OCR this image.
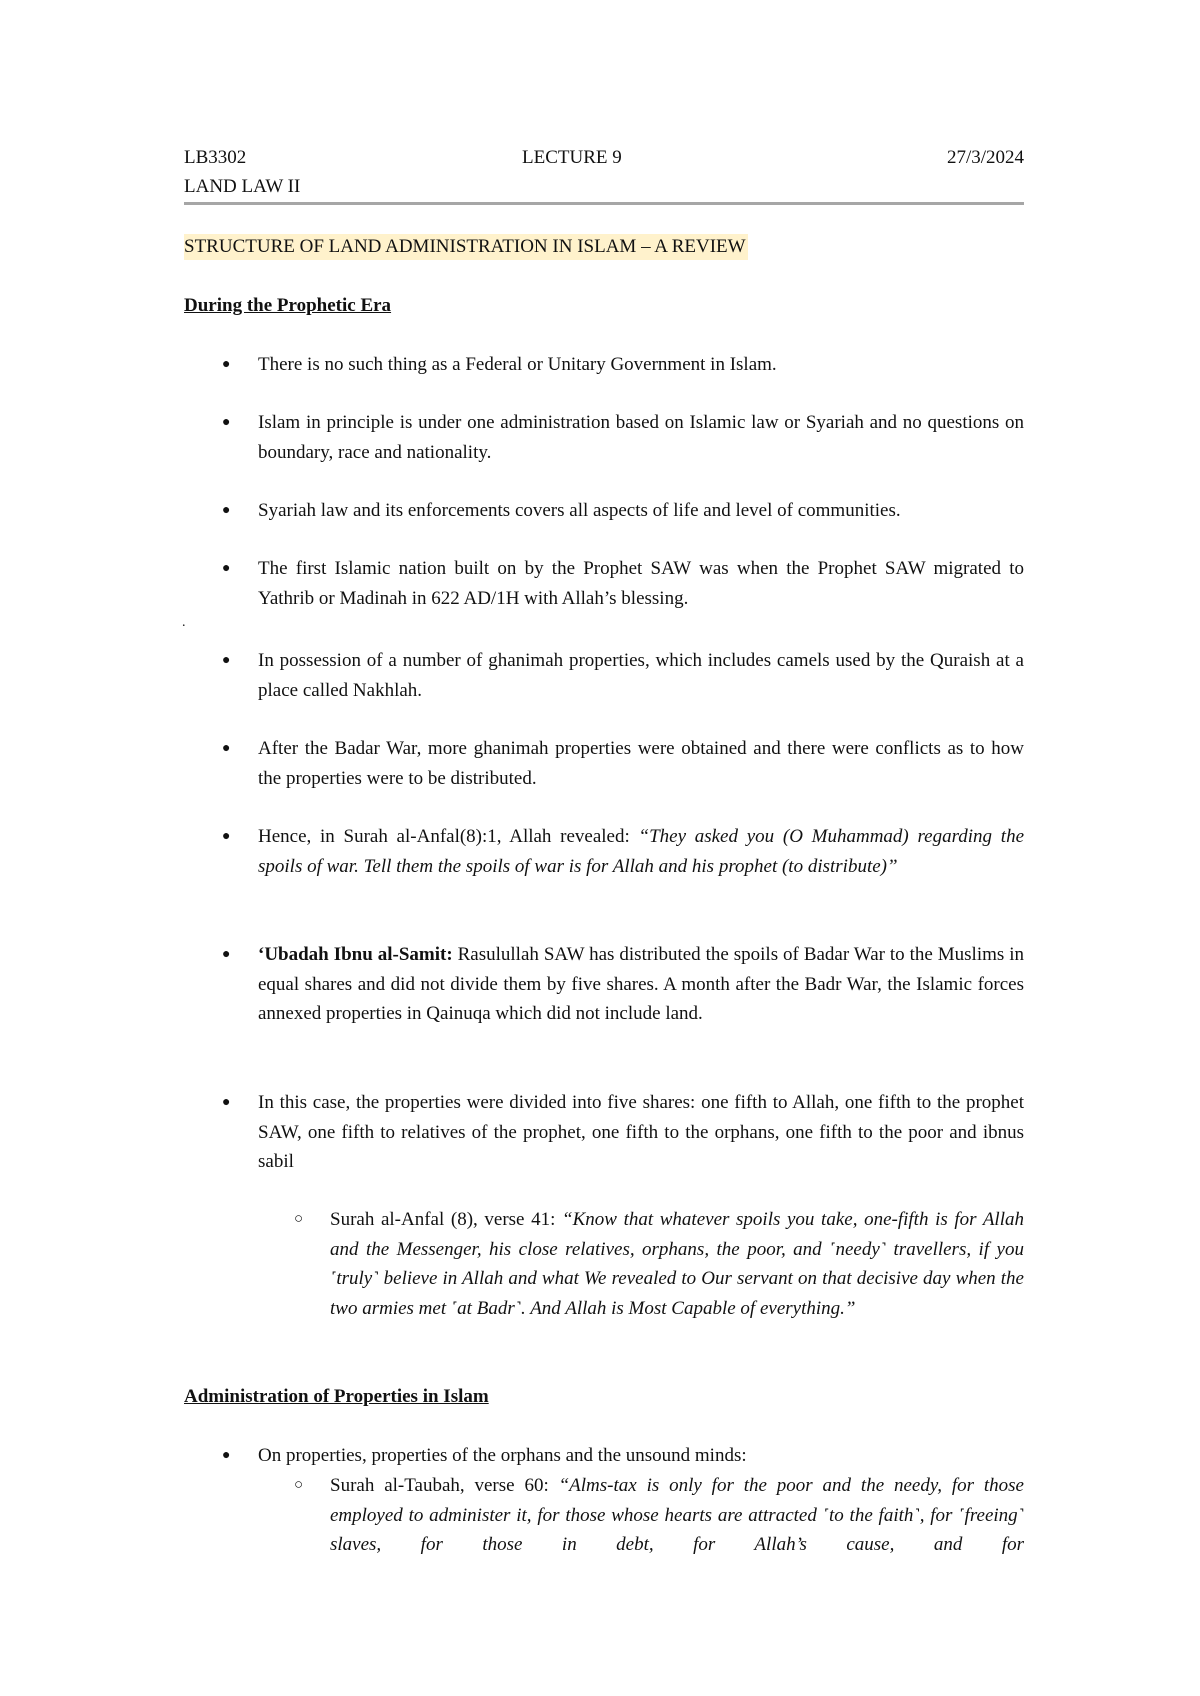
LB3302	LECTURE 9	27/3/2024
LAND LAW II
STRUCTURE OF LAND ADMINISTRATION IN ISLAM – A REVIEW
During the Prophetic Era
●	There is no such thing as a Federal or Unitary Government in Islam.
●	Islam in principle is under one administration based on Islamic law or Syariah and no questions on boundary, race and nationality.
●	Syariah law and its enforcements covers all aspects of life and level of communities.
●	The first Islamic nation built on by the Prophet SAW was when the Prophet SAW migrated to Yathrib or Madinah in 622 AD/1H with Allah’s blessing.
.
●	In possession of a number of ghanimah properties, which includes camels used by the Quraish at a place called Nakhlah.
●	After the Badar War, more ghanimah properties were obtained and there were conflicts as to how the properties were to be distributed.
●	Hence, in Surah al-Anfal(8):1, Allah revealed: “They asked you (O Muhammad) regarding the spoils of war. Tell them the spoils of war is for Allah and his prophet (to distribute)”
●	‘Ubadah Ibnu al-Samit: Rasulullah SAW has distributed the spoils of Badar War to the Muslims in equal shares and did not divide them by five shares. A month after the Badr War, the Islamic forces annexed properties in Qainuqa which did not include land.
●	In this case, the properties were divided into five shares: one fifth to Allah, one fifth to the prophet SAW, one fifth to relatives of the prophet, one fifth to the orphans, one fifth to the poor and ibnus sabil
○ Surah al-Anfal (8), verse 41: “Know that whatever spoils you take, one-fifth is for Allah and the Messenger, his close relatives, orphans, the poor, and ˹needy˺ travellers, if you ˹truly˺ believe in Allah and what We revealed to Our servant on that decisive day when the two armies met ˹at Badr˺. And Allah is Most Capable of everything.”
Administration of Properties in Islam
●	On properties, properties of the orphans and the unsound minds:
○ Surah al-Taubah, verse 60: “Alms-tax is only for the poor and the needy, for those employed to administer it, for those whose hearts are attracted ˹to the faith˺, for ˹freeing˺ slaves, for those in debt, for Allah’s cause, and for
